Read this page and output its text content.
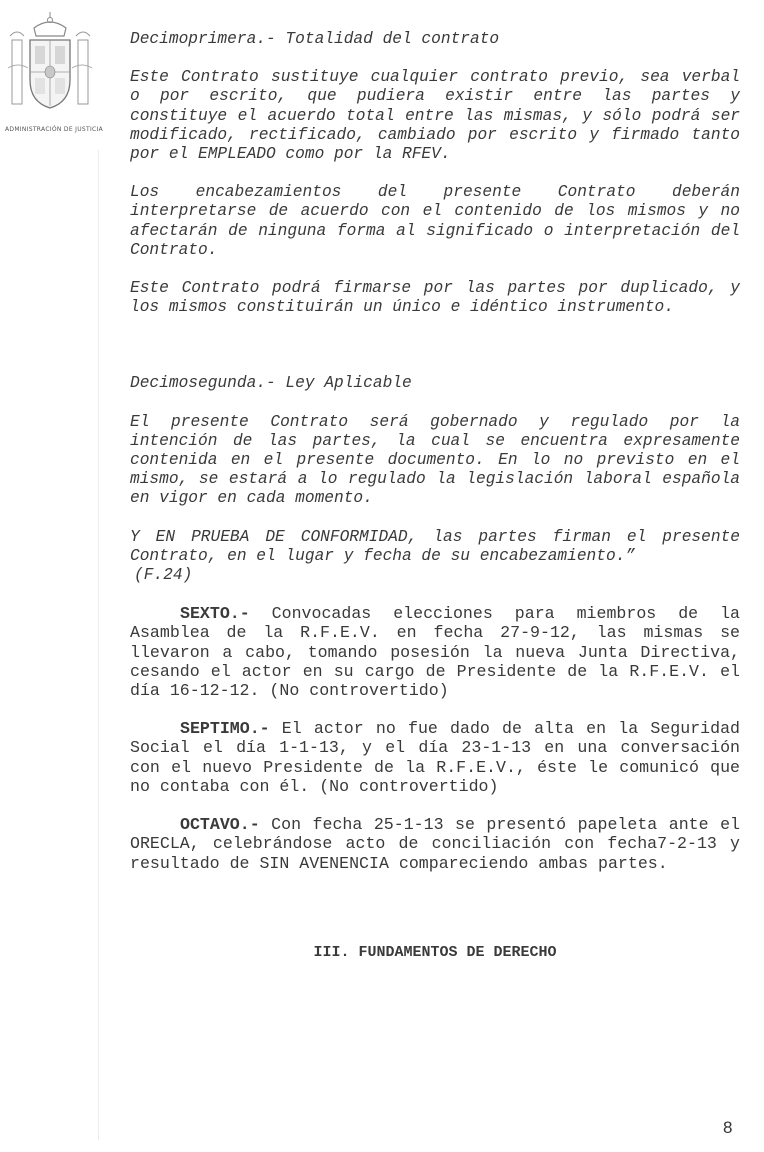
ADMINISTRACIÓN DE JUSTICIA

Decimoprimera.- Totalidad del contrato

Este Contrato sustituye cualquier contrato previo, sea verbal o por escrito, que pudiera existir entre las partes y constituye el acuerdo total entre las mismas, y sólo podrá ser modificado, rectificado, cambiado por escrito y firmado tanto por el EMPLEADO como por la RFEV.

Los encabezamientos del presente Contrato deberán interpretarse de acuerdo con el contenido de los mismos y no afectarán de ninguna forma al significado o interpretación del Contrato.

Este Contrato podrá firmarse por las partes por duplicado, y los mismos constituirán un único e idéntico instrumento.

Decimosegunda.- Ley Aplicable

El presente Contrato será gobernado y regulado por la intención de las partes, la cual se encuentra expresamente contenida en el presente documento. En lo no previsto en el mismo, se estará a lo regulado la legislación laboral española en vigor en cada momento.

Y EN PRUEBA DE CONFORMIDAD, las partes firman el presente Contrato, en el lugar y fecha de su encabezamiento.”

(F.24)

SEXTO.- Convocadas elecciones para miembros de la Asamblea de la R.F.E.V. en fecha 27-9-12, las mismas se llevaron a cabo, tomando posesión la nueva Junta Directiva, cesando el actor en su cargo de Presidente de la R.F.E.V. el día 16-12-12. (No controvertido)

SEPTIMO.- El actor no fue dado de alta en la Seguridad Social el día 1-1-13, y el día 23-1-13 en una conversación con el nuevo Presidente de la R.F.E.V., éste le comunicó que no contaba con él. (No controvertido)

OCTAVO.- Con fecha 25-1-13 se presentó papeleta ante el ORECLA, celebrándose acto de conciliación con fecha7-2-13 y resultado de SIN AVENENCIA compareciendo ambas partes.

III. FUNDAMENTOS DE DERECHO

8
